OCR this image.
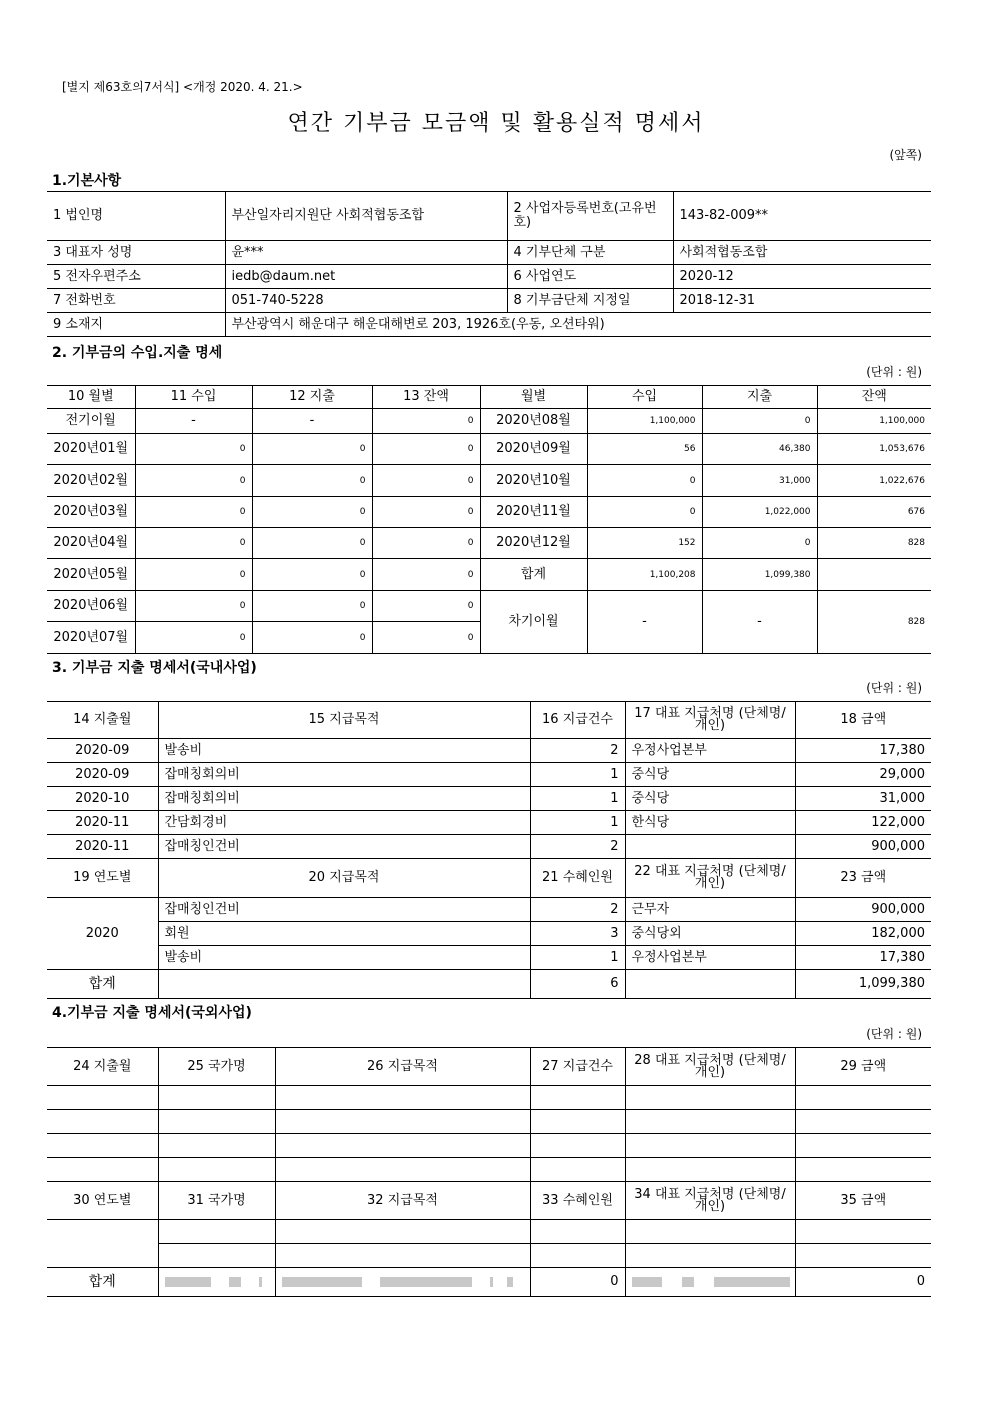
[별지 제63호의7서식] <개정 2020. 4. 21.>
연간 기부금 모금액 및 활용실적 명세서
(앞쪽)
1.기본사항
1 법인명	부산일자리지원단 사회적협동조합	2 사업자등록번호(고유번호)	143-82-009**
3 대표자 성명	윤***	4 기부단체 구분	사회적협동조합
5 전자우편주소	iedb@daum.net	6 사업연도	2020-12
7 전화번호	051-740-5228	8 기부금단체 지정일	2018-12-31
9 소재지	부산광역시 해운대구 해운대해변로 203, 1926호(우동, 오션타워)		
2. 기부금의 수입.지출 명세
(단위 : 원)
10 월별	11 수입	12 지출	13 잔액	월별	수입	지출	잔액
전기이월	-	-	0	2020년08월	1,100,000	0	1,100,000
2020년01월	0	0	0	2020년09월	56	46,380	1,053,676
2020년02월	0	0	0	2020년10월	0	31,000	1,022,676
2020년03월	0	0	0	2020년11월	0	1,022,000	676
2020년04월	0	0	0	2020년12월	152	0	828
2020년05월	0	0	0	합계	1,100,208	1,099,380	
2020년06월	0	0	0	차기이월	-	-	828
2020년07월	0	0	0				
3. 기부금 지출 명세서(국내사업)
(단위 : 원)
14 지출월	15 지급목적	16 지급건수	17 대표 지급처명 (단체명/개인)	18 금액
2020-09	발송비	2	우정사업본부	17,380
2020-09	잡매칭회의비	1	중식당	29,000
2020-10	잡매칭회의비	1	중식당	31,000
2020-11	간담회경비	1	한식당	122,000
2020-11	잡매칭인건비	2		900,000
19 연도별	20 지급목적	21 수혜인원	22 대표 지급처명 (단체명/개인)	23 금액
2020	잡매칭인건비	2	근무자	900,000
	회원	3	중식당외	182,000
	발송비	1	우정사업본부	17,380
합계		6		1,099,380
4.기부금 지출 명세서(국외사업)
(단위 : 원)
24 지출월	25 국가명	26 지급목적	27 지급건수	28 대표 지급처명 (단체명/개인)	29 금액

30 연도별	31 국가명	32 지급목적	33 수혜인원	34 대표 지급처명 (단체명/개인)	35 금액

합계			0		0
